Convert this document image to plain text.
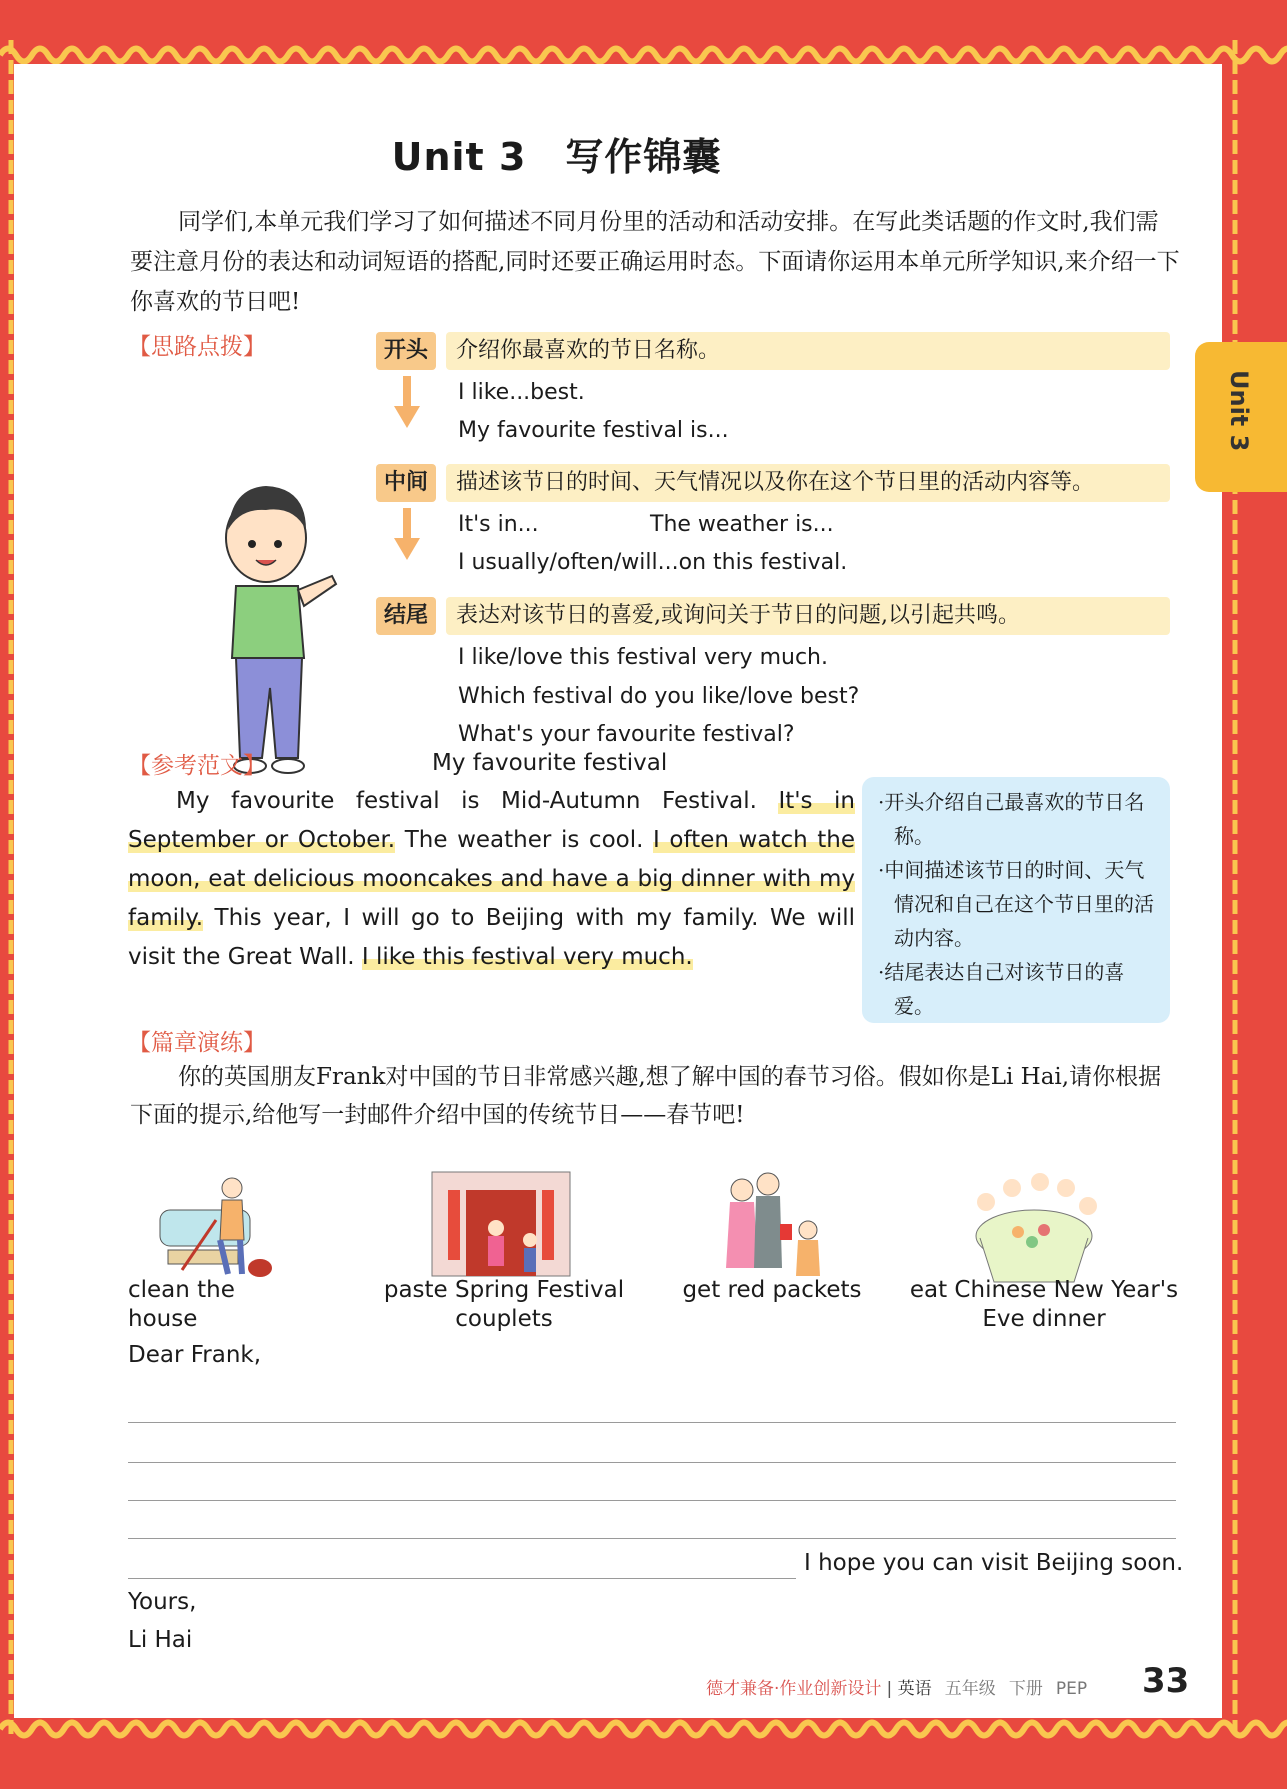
Unit 3　写作锦囊
同学们,本单元我们学习了如何描述不同月份里的活动和活动安排。在写此类话题的作文时,我们需要注意月份的表达和动词短语的搭配,同时还要正确运用时态。下面请你运用本单元所学知识,来介绍一下你喜欢的节日吧!
【思路点拨】	开头	介绍你最喜欢的节日名称。
I like...best.
My favourite festival is...
中间	描述该节日的时间、天气情况以及你在这个节日里的活动内容等。
It's in...	The weather is...
I usually/often/will...on this festival.
结尾	表达对该节日的喜爱,或询问关于节日的问题,以引起共鸣。
I like/love this festival very much.
Which festival do you like/love best?
What's your favourite festival?
【参考范文】	My favourite festival
My favourite festival is Mid-Autumn Festival. It's in September or October. The weather is cool. I often watch the moon, eat delicious mooncakes and have a big dinner with my family. This year, I will go to Beijing with my family. We will visit the Great Wall. I like this festival very much.
·开头介绍自己最喜欢的节日名称。
·中间描述该节日的时间、天气情况和自己在这个节日里的活动内容。
·结尾表达自己对该节日的喜爱。
【篇章演练】
你的英国朋友Frank对中国的节日非常感兴趣,想了解中国的春节习俗。假如你是Li Hai,请你根据下面的提示,给他写一封邮件介绍中国的传统节日——春节吧!
clean the house
paste Spring Festival couplets
get red packets	eat Chinese New Year's Eve dinner
Dear Frank,
I hope you can visit Beijing soon.
Yours,
Li Hai
德才兼备·作业创新设计 | 英语 五年级 下册 PEP 33
Unit 3
